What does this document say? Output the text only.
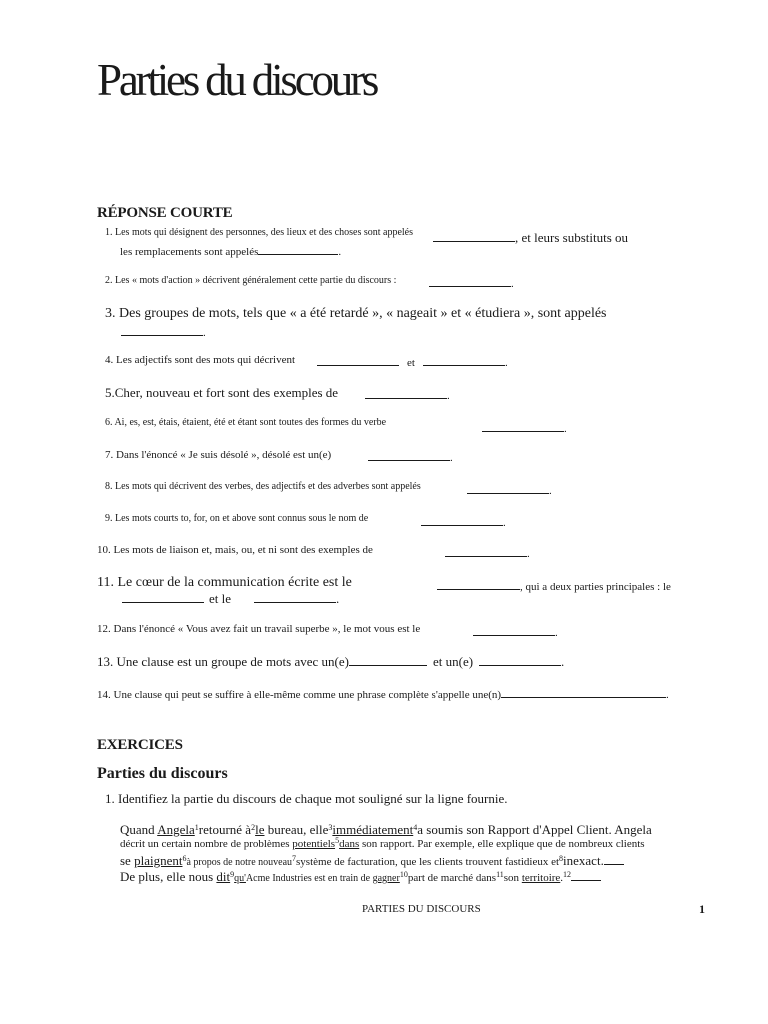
Parties du discours
RÉPONSE COURTE
1. Les mots qui désignent des personnes, des lieux et des choses sont appelés	, et leurs substituts ou
les remplacements sont appelés	.
2. Les « mots d'action » décrivent généralement cette partie du discours :	.
3. Des groupes de mots, tels que « a été retardé », « nageait » et « étudiera », sont appelés
.
4. Les adjectifs sont des mots qui décrivent	et	.
5.Cher, nouveau et fort sont des exemples de	.
6. Ai, es, est, étais, étaient, été et étant sont toutes des formes du verbe
.
7. Dans l'énoncé « Je suis désolé », désolé est un(e)	.
8. Les mots qui décrivent des verbes, des adjectifs et des adverbes sont appelés	.
9. Les mots courts to, for, on et above sont connus sous le nom de	.
10. Les mots de liaison et, mais, ou, et ni sont des exemples de	.
11. Le cœur de la communication écrite est le	, qui a deux parties principales : le
et le	.
12. Dans l'énoncé « Vous avez fait un travail superbe », le mot vous est le	.
13. Une clause est un groupe de mots avec un(e)	et un(e)	.
14. Une clause qui peut se suffire à elle-même comme une phrase complète s'appelle une(n)	.
EXERCICES
Parties du discours
1. Identifiez la partie du discours de chaque mot souligné sur la ligne fournie.
Quand Angela$^1$retourné $à^2le$ bureau, elle$^3$immédiatement$^4$a soumis son Rapport d'Appel Client. Angela
décrit un certain nombre de problèmes potentiels$^5$dans son rapport. Par exemple, elle explique que de nombreux clients
se plaignent$^6$à propos de notre nouveau$^7$système de facturation, que les clients trouvent fastidieux $et^8inexact$.
De plus, elle nous dit$^9$qu'Acme Industries est en train de gagner$^{10}$part de marché dans$^{11}$son territoire.$^{12}$
PARTIES DU DISCOURS	1
